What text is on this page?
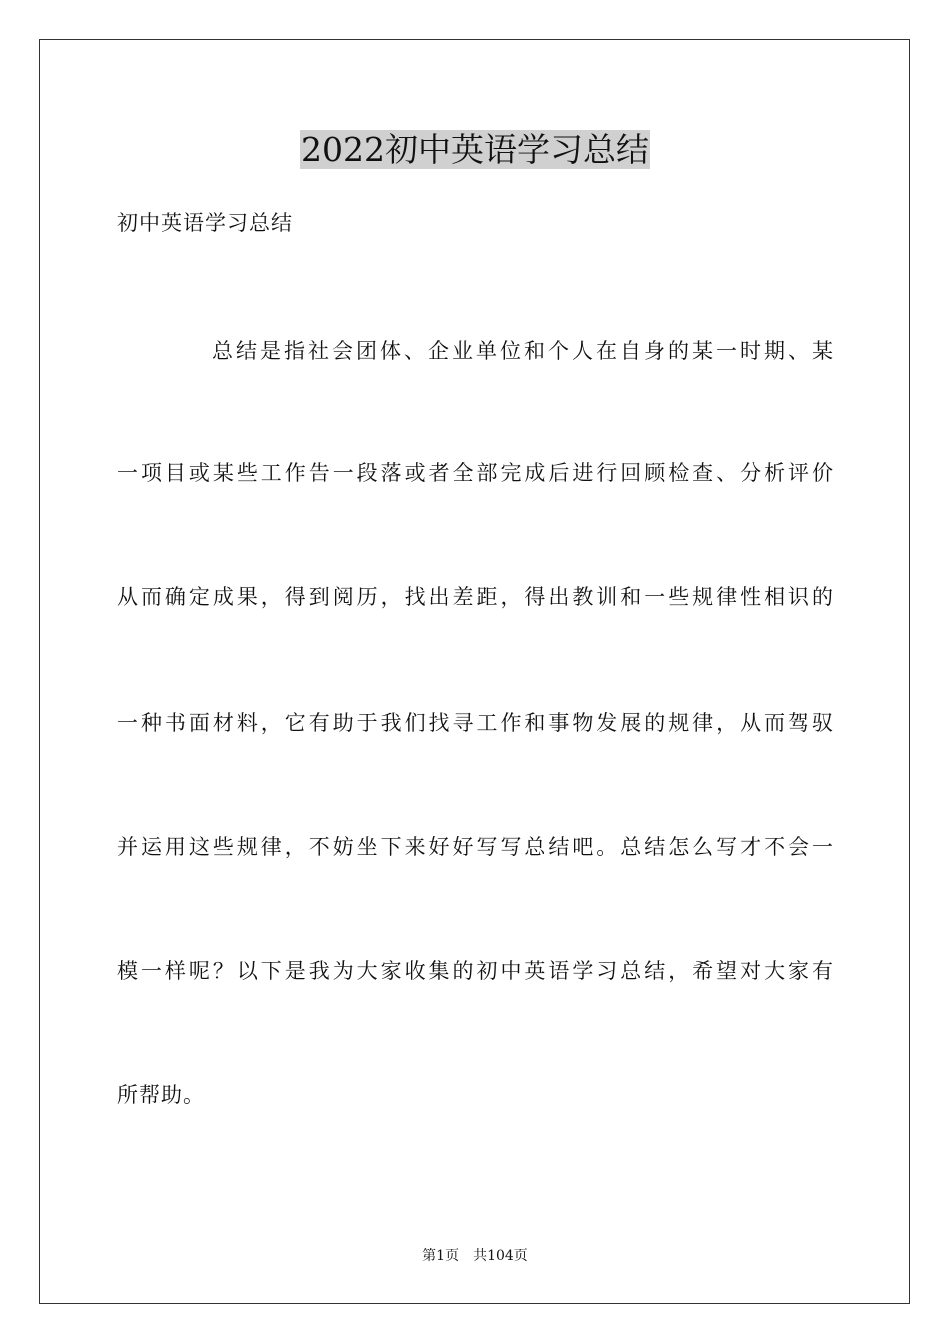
2022初中英语学习总结
初中英语学习总结
总结是指社会团体、企业单位和个人在自身的某一时期、某
一项目或某些工作告一段落或者全部完成后进行回顾检查、分析评价
从而确定成果，得到阅历，找出差距，得出教训和一些规律性相识的
一种书面材料，它有助于我们找寻工作和事物发展的规律，从而驾驭
并运用这些规律，不妨坐下来好好写写总结吧。总结怎么写才不会一
模一样呢？以下是我为大家收集的初中英语学习总结，希望对大家有
所帮助。
第1页　共104页
